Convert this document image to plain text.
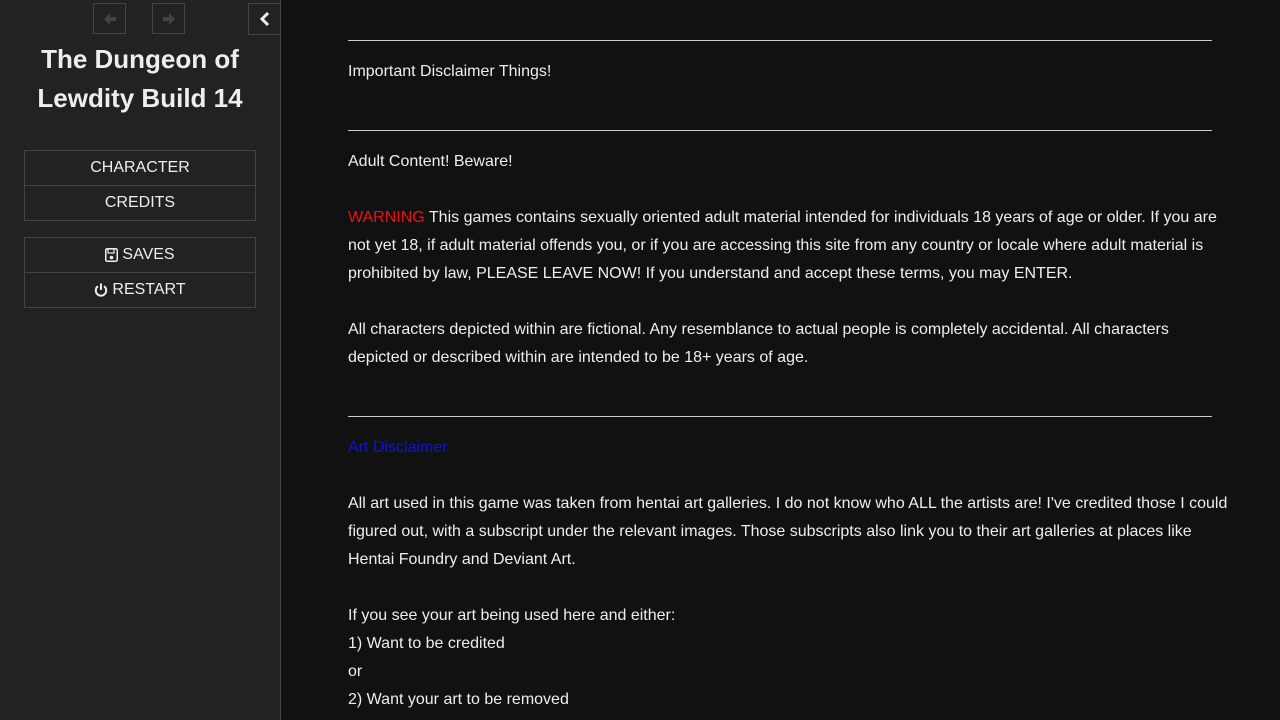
The Dungeon of
Lewdity Build 14
CHARACTER
CREDITS
SAVES
RESTART
Important Disclaimer Things!
Adult Content! Beware!
WARNING This games contains sexually oriented adult material intended for individuals 18 years of age or older. If you are
not yet 18, if adult material offends you, or if you are accessing this site from any country or locale where adult material is
prohibited by law, PLEASE LEAVE NOW! If you understand and accept these terms, you may ENTER.
All characters depicted within are fictional. Any resemblance to actual people is completely accidental. All characters
depicted or described within are intended to be 18+ years of age.
Art Disclaimer
All art used in this game was taken from hentai art galleries. I do not know who ALL the artists are! I've credited those I could
figured out, with a subscript under the relevant images. Those subscripts also link you to their art galleries at places like
Hentai Foundry and Deviant Art.
If you see your art being used here and either:
1) Want to be credited
or
2) Want your art to be removed
